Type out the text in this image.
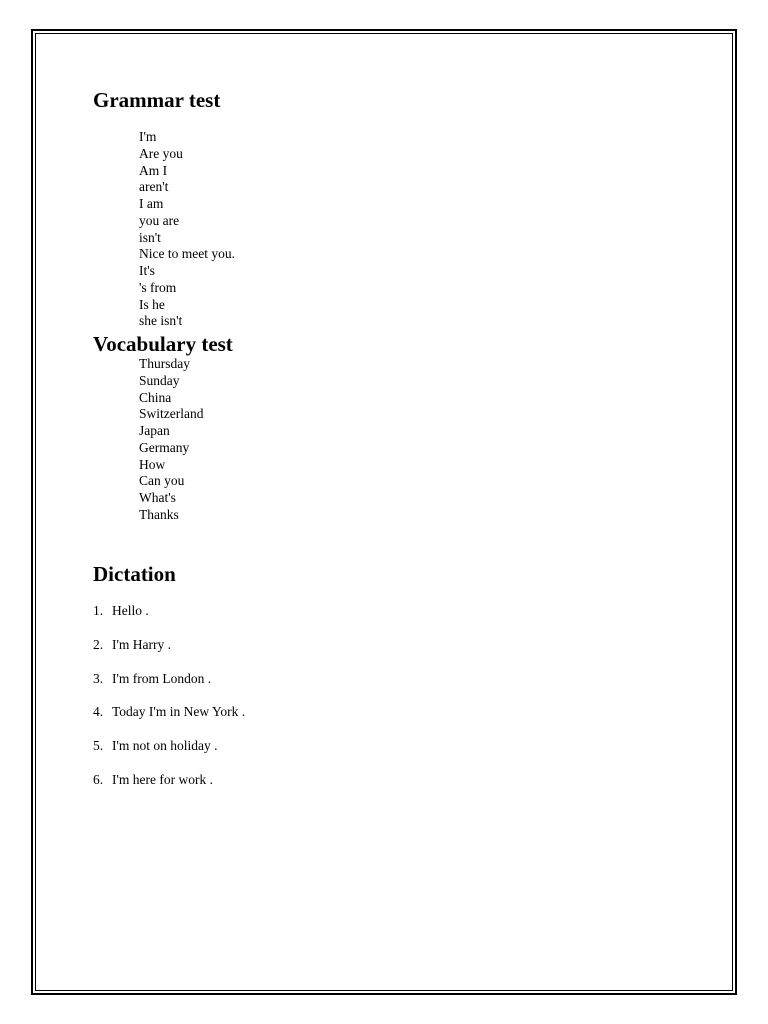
Grammar test
I'm
Are you
Am I
aren't
I am
you are
isn't
Nice to meet you.
It's
's from
Is he
she isn't
Vocabulary test
Thursday
Sunday
China
Switzerland
Japan
Germany
How
Can you
What's
Thanks
Dictation
1. Hello .
2. I'm Harry .
3. I'm from London .
4. Today I'm in New York .
5. I'm not on holiday .
6. I'm here for work .
